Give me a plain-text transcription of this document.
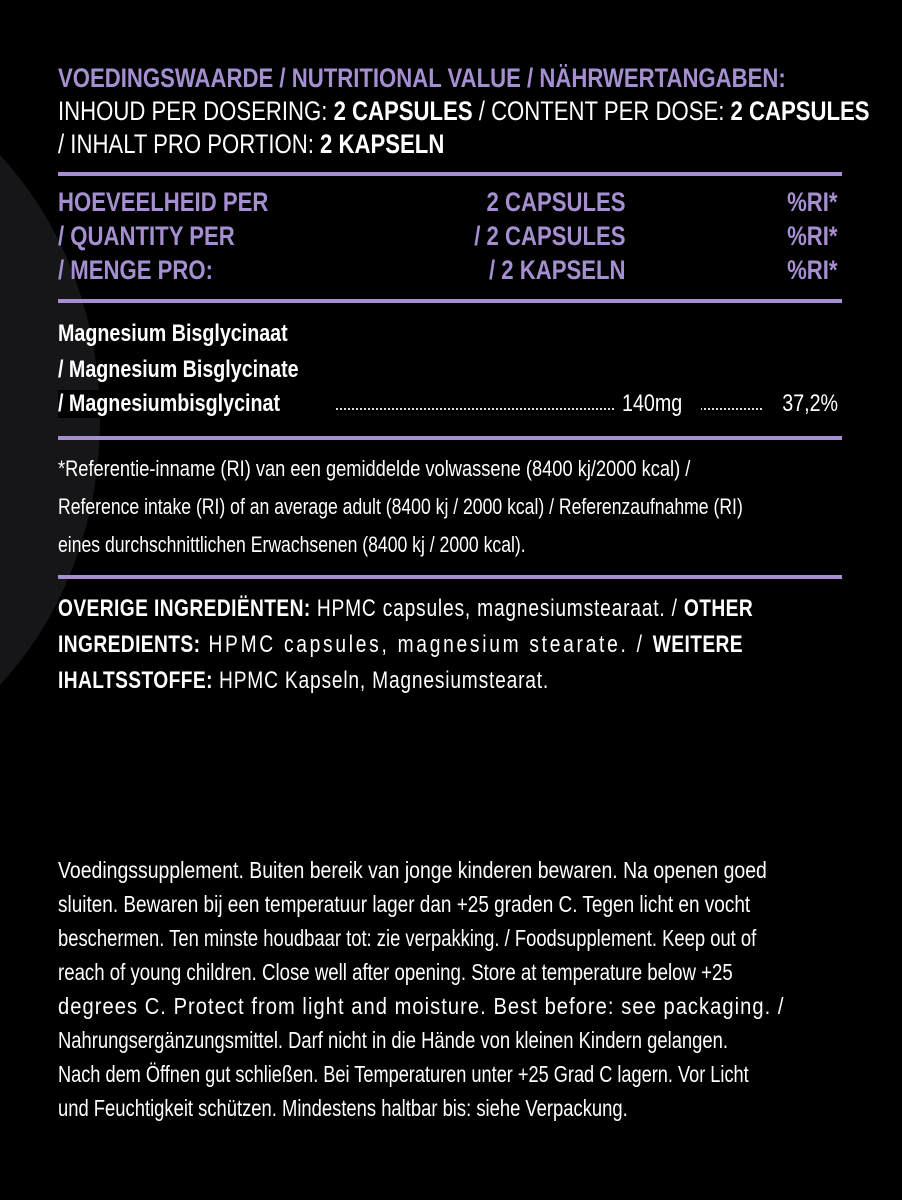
VOEDINGSWAARDE / NUTRITIONAL VALUE / NÄHRWERTANGABEN:
INHOUD PER DOSERING: 2 CAPSULES / CONTENT PER DOSE: 2 CAPSULES
/ INHALT PRO PORTION: 2 KAPSELN
HOEVEELHEID PER	2 CAPSULES	%RI*
/ QUANTITY PER	/ 2 CAPSULES	%RI*
/ MENGE PRO:	/ 2 KAPSELN	%RI*
Magnesium Bisglycinaat
/ Magnesium Bisglycinate
/ Magnesiumbisglycinat	140mg	37,2%
*Referentie-inname (RI) van een gemiddelde volwassene (8400 kj/2000 kcal) /
Reference intake (RI) of an average adult (8400 kj / 2000 kcal) / Referenzaufnahme (RI)
eines durchschnittlichen Erwachsenen (8400 kj / 2000 kcal).
OVERIGE INGREDIËNTEN: HPMC capsules, magnesiumstearaat. / OTHER
INGREDIENTS: HPMC capsules, magnesium stearate. / WEITERE
IHALTSSTOFFE: HPMC Kapseln, Magnesiumstearat.
Voedingssupplement. Buiten bereik van jonge kinderen bewaren. Na openen goed
sluiten. Bewaren bij een temperatuur lager dan +25 graden C. Tegen licht en vocht
beschermen. Ten minste houdbaar tot: zie verpakking. / Foodsupplement. Keep out of
reach of young children. Close well after opening. Store at temperature below +25
degrees C. Protect from light and moisture. Best before: see packaging. /
Nahrungsergänzungsmittel. Darf nicht in die Hände von kleinen Kindern gelangen.
Nach dem Öffnen gut schließen. Bei Temperaturen unter +25 Grad C lagern. Vor Licht
und Feuchtigkeit schützen. Mindestens haltbar bis: siehe Verpackung.
